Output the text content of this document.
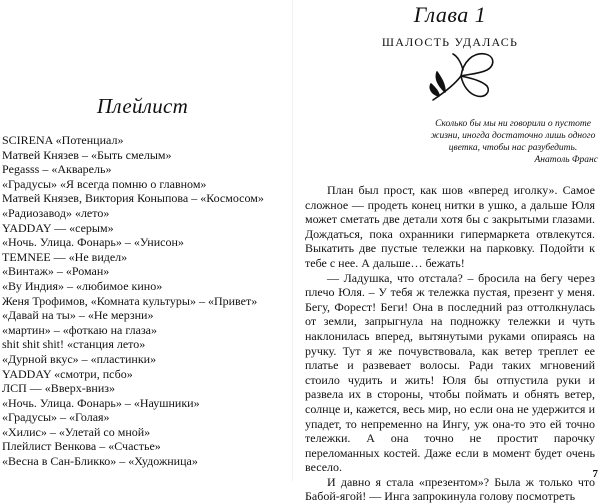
Плейлист
SCIRENA «Потенциал»
Матвей Князев – «Быть смелым»
Pegasss – «Акварель»
«Градусы» «Я всегда помню о главном»
Матвей Князев, Виктория Коныпова – «Космосом»
«Радиозавод» «лето»
YADDAY — «серым»
«Ночь. Улица. Фонарь» – «Унисон»
TEMNEE — «Не видел»
«Винтаж» – «Роман»
«Ву Индия» – «любимое кино»
Женя Трофимов, «Комната культуры» – «Привет»
«Давай на ты» – «Не мерзни»
«мартин» – «фоткаю на глаза»
shit shit shit! «станция лето»
«Дурной вкус» – «пластинки»
YADDAY «смотри, псбо»
ЛСП — «Вверх-вниз»
«Ночь. Улица. Фонарь» – «Наушники»
«Градусы» – «Голая»
«Хилис» – «Улетай со мной»
Плейлист Венкова – «Счастье»
«Весна в Сан-Бликко» – «Художница»
Глава 1
ШАЛОСТЬ УДАЛАСЬ
Сколько бы мы ни говорили о пустоте жизни, иногда достаточно лишь одного цветка, чтобы нас разубедить.
Анатоль Франс

План был прост, как шов «вперед иголку». Самое сложное — продеть конец нитки в ушко, а дальше Юля может сметать две детали хотя бы с закрытыми глазами. Дождаться, пока охранники гипермаркета отвлекутся. Выкатить две пустые тележки на парковку. Подойти к тебе с нее. А дальше… бежать!

— Ладушка, что отстала? – бросила на бегу через плечо Юля. – У тебя ж тележка пустая, презент у меня. Бегу, Форест! Беги! Она в последний раз оттолкнулась от земли, запрыгнула на подножку тележки и чуть наклонилась вперед, вытянутыми руками опираясь на ручку. Тут я же почувствовала, как ветер треплет ее платье и развевает волосы. Ради таких мгновений стоило чудить и жить! Юля бы отпустила руки и развела их в стороны, чтобы поймать и обнять ветер, солнце и, кажется, весь мир, но если она не удержится и упадет, то непременно на Ингу, уж она-то это ей точно тележки. А она точно не простит парочку переломанных костей. Даже если в момент будет очень весело.

И давно я стала «презентом»? Была ж только что Бабой-ягой! — Инга запрокинула голову посмотреть

7
